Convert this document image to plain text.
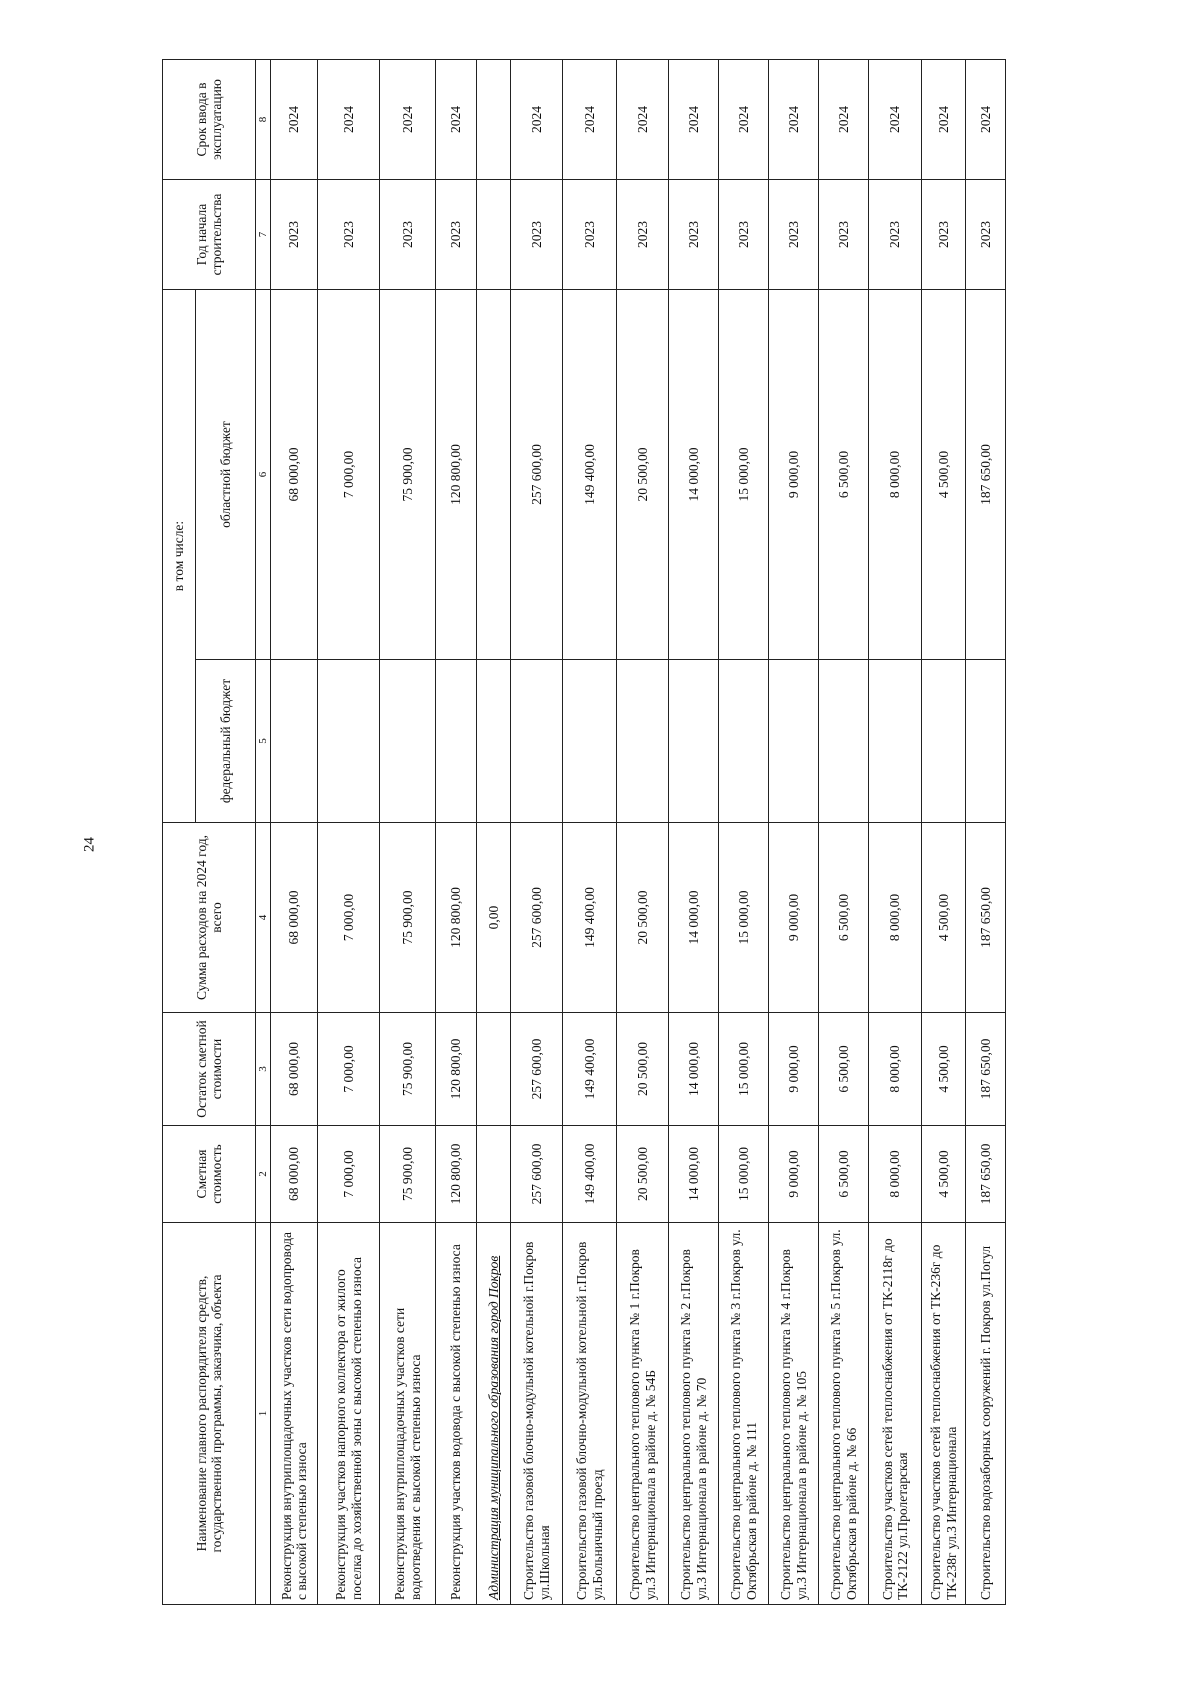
24
Наименование главного распорядителя средств, государственной программы, заказчика, объекта	Сметная стоимость	Остаток сметной стоимости	Сумма расходов на 2024 год, всего	в том числе:		Год начала строительства	Срок ввода в эксплуатацию
				федеральный бюджет	областной бюджет		
1	2	3	4	5	6	7	8
Реконструкция внутриплощадочных участков сети водопровода с высокой степенью износа	68 000,00	68 000,00	68 000,00		68 000,00	2023	2024
Реконструкция участков напорного коллектора от жилого поселка до хозяйственной зоны с высокой степенью износа	7 000,00	7 000,00	7 000,00		7 000,00	2023	2024
Реконструкция внутриплощадочных участков сети водоотведения с высокой степенью износа	75 900,00	75 900,00	75 900,00		75 900,00	2023	2024
Реконструкция участков водовода с высокой степенью износа	120 800,00	120 800,00	120 800,00		120 800,00	2023	2024
Администрация муниципального образования город Покров			0,00				
Строительство газовой блочно-модульной котельной г.Покров ул.Школьная	257 600,00	257 600,00	257 600,00		257 600,00	2023	2024
Строительство газовой блочно-модульной котельной г.Покров ул.Больничный проезд	149 400,00	149 400,00	149 400,00		149 400,00	2023	2024
Строительство центрального теплового пункта № 1 г.Покров ул.3 Интернационала в районе д. № 54Б	20 500,00	20 500,00	20 500,00		20 500,00	2023	2024
Строительство центрального теплового пункта № 2 г.Покров ул.3 Интернационала в районе д. № 70	14 000,00	14 000,00	14 000,00		14 000,00	2023	2024
Строительство центрального теплового пункта № 3 г.Покров ул. Октябрьская в районе д. № 111	15 000,00	15 000,00	15 000,00		15 000,00	2023	2024
Строительство центрального теплового пункта № 4 г.Покров ул.3 Интернационала в районе д. № 105	9 000,00	9 000,00	9 000,00		9 000,00	2023	2024
Строительство центрального теплового пункта № 5 г.Покров ул. Октябрьская в районе д. № 66	6 500,00	6 500,00	6 500,00		6 500,00	2023	2024
Строительство участков сетей теплоснабжения от ТК-2118г до ТК-2122 ул.Пролетарская	8 000,00	8 000,00	8 000,00		8 000,00	2023	2024
Строительство участков сетей теплоснабжения от ТК-236г до ТК-238г ул.3 Интернационала	4 500,00	4 500,00	4 500,00		4 500,00	2023	2024
Строительство водозаборных сооружений г. Покров ул.Погул	187 650,00	187 650,00	187 650,00		187 650,00	2023	2024
